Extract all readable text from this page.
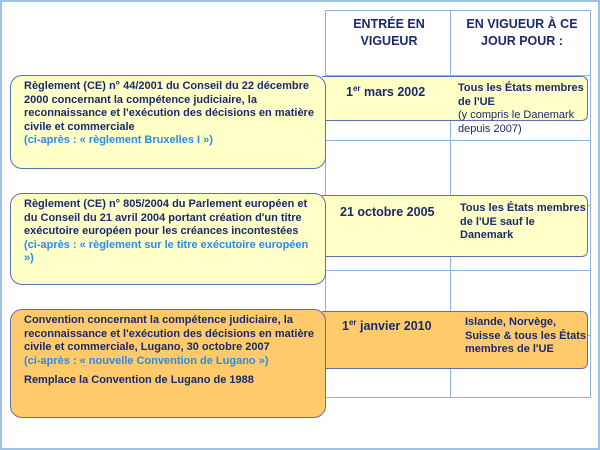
ENTRÉE EN VIGUEUR
EN VIGUEUR À CE JOUR POUR :
Règlement (CE) n° 44/2001 du Conseil du 22 décembre 2000 concernant la compétence judiciaire, la reconnaissance et l'exécution des décisions en matière civile et commerciale
(ci-après : « règlement Bruxelles I »)
1er mars 2002	Tous les États membres de l'UE
(y compris le Danemark depuis 2007)
Règlement (CE) n° 805/2004 du Parlement européen et du Conseil du 21 avril 2004 portant création d'un titre exécutoire européen pour les créances incontestées
(ci-après : « règlement sur le titre exécutoire européen »)
21 octobre 2005 Tous les États membres de l'UE sauf le Danemark
Convention concernant la compétence judiciaire, la reconnaissance et l'exécution des décisions en matière civile et commerciale, Lugano, 30 octobre 2007
(ci-après : « nouvelle Convention de Lugano »)
Remplace la Convention de Lugano de 1988
1er janvier 2010	Islande, Norvège, Suisse & tous les États membres de l'UE
